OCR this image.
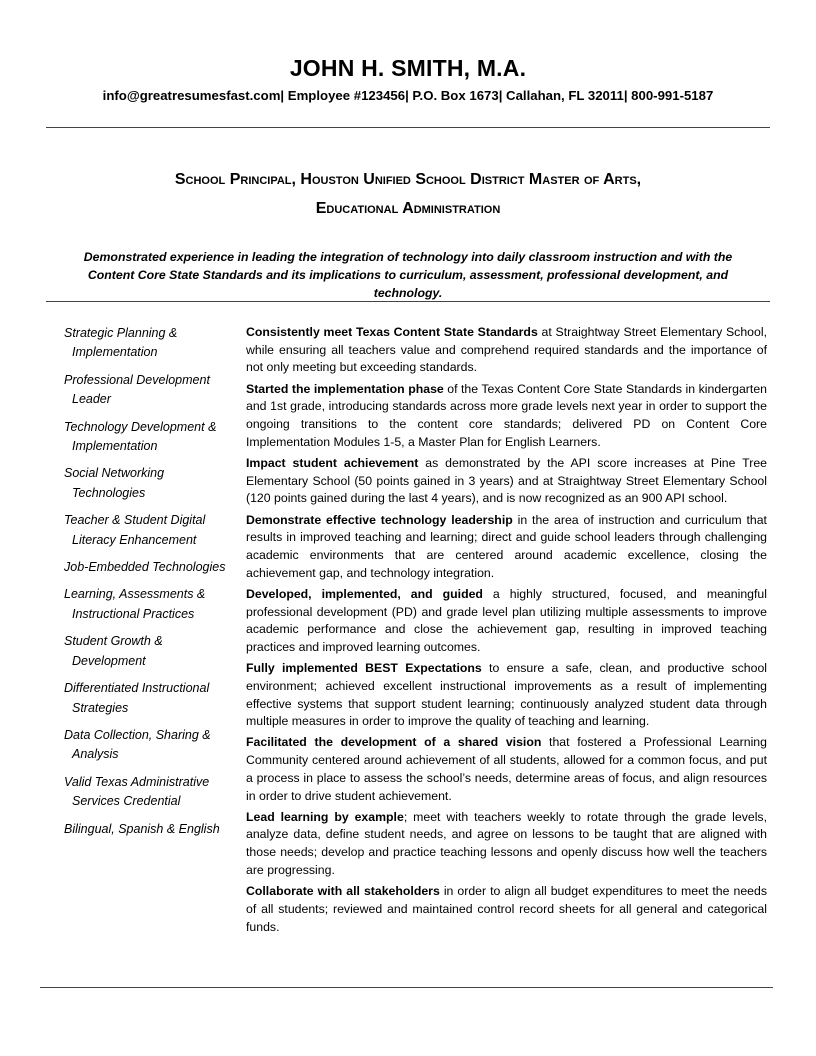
JOHN H. SMITH, M.A.
info@greatresumesfast.com| Employee #123456| P.O. Box 1673| Callahan, FL 32011| 800-991-5187
School Principal, Houston Unified School District Master of Arts,
Educational Administration
Demonstrated experience in leading the integration of technology into daily classroom instruction and with the Content Core State Standards and its implications to curriculum, assessment, professional development, and technology.
Strategic Planning & Implementation
Professional Development Leader
Technology Development & Implementation
Social Networking Technologies
Teacher & Student Digital Literacy Enhancement
Job-Embedded Technologies
Learning, Assessments & Instructional Practices
Student Growth & Development
Differentiated Instructional Strategies
Data Collection, Sharing & Analysis
Valid Texas Administrative Services Credential
Bilingual, Spanish & English
Consistently meet Texas Content State Standards at Straightway Street Elementary School, while ensuring all teachers value and comprehend required standards and the importance of not only meeting but exceeding standards.
Started the implementation phase of the Texas Content Core State Standards in kindergarten and 1st grade, introducing standards across more grade levels next year in order to support the ongoing transitions to the content core standards; delivered PD on Content Core Implementation Modules 1-5, a Master Plan for English Learners.
Impact student achievement as demonstrated by the API score increases at Pine Tree Elementary School (50 points gained in 3 years) and at Straightway Street Elementary School (120 points gained during the last 4 years), and is now recognized as an 900 API school.
Demonstrate effective technology leadership in the area of instruction and curriculum that results in improved teaching and learning; direct and guide school leaders through challenging academic environments that are centered around academic excellence, closing the achievement gap, and technology integration.
Developed, implemented, and guided a highly structured, focused, and meaningful professional development (PD) and grade level plan utilizing multiple assessments to improve academic performance and close the achievement gap, resulting in improved teaching practices and improved learning outcomes.
Fully implemented BEST Expectations to ensure a safe, clean, and productive school environment; achieved excellent instructional improvements as a result of implementing effective systems that support student learning; continuously analyzed student data through multiple measures in order to improve the quality of teaching and learning.
Facilitated the development of a shared vision that fostered a Professional Learning Community centered around achievement of all students, allowed for a common focus, and put a process in place to assess the school’s needs, determine areas of focus, and align resources in order to drive student achievement.
Lead learning by example; meet with teachers weekly to rotate through the grade levels, analyze data, define student needs, and agree on lessons to be taught that are aligned with those needs; develop and practice teaching lessons and openly discuss how well the teachers are progressing.
Collaborate with all stakeholders in order to align all budget expenditures to meet the needs of all students; reviewed and maintained control record sheets for all general and categorical funds.
